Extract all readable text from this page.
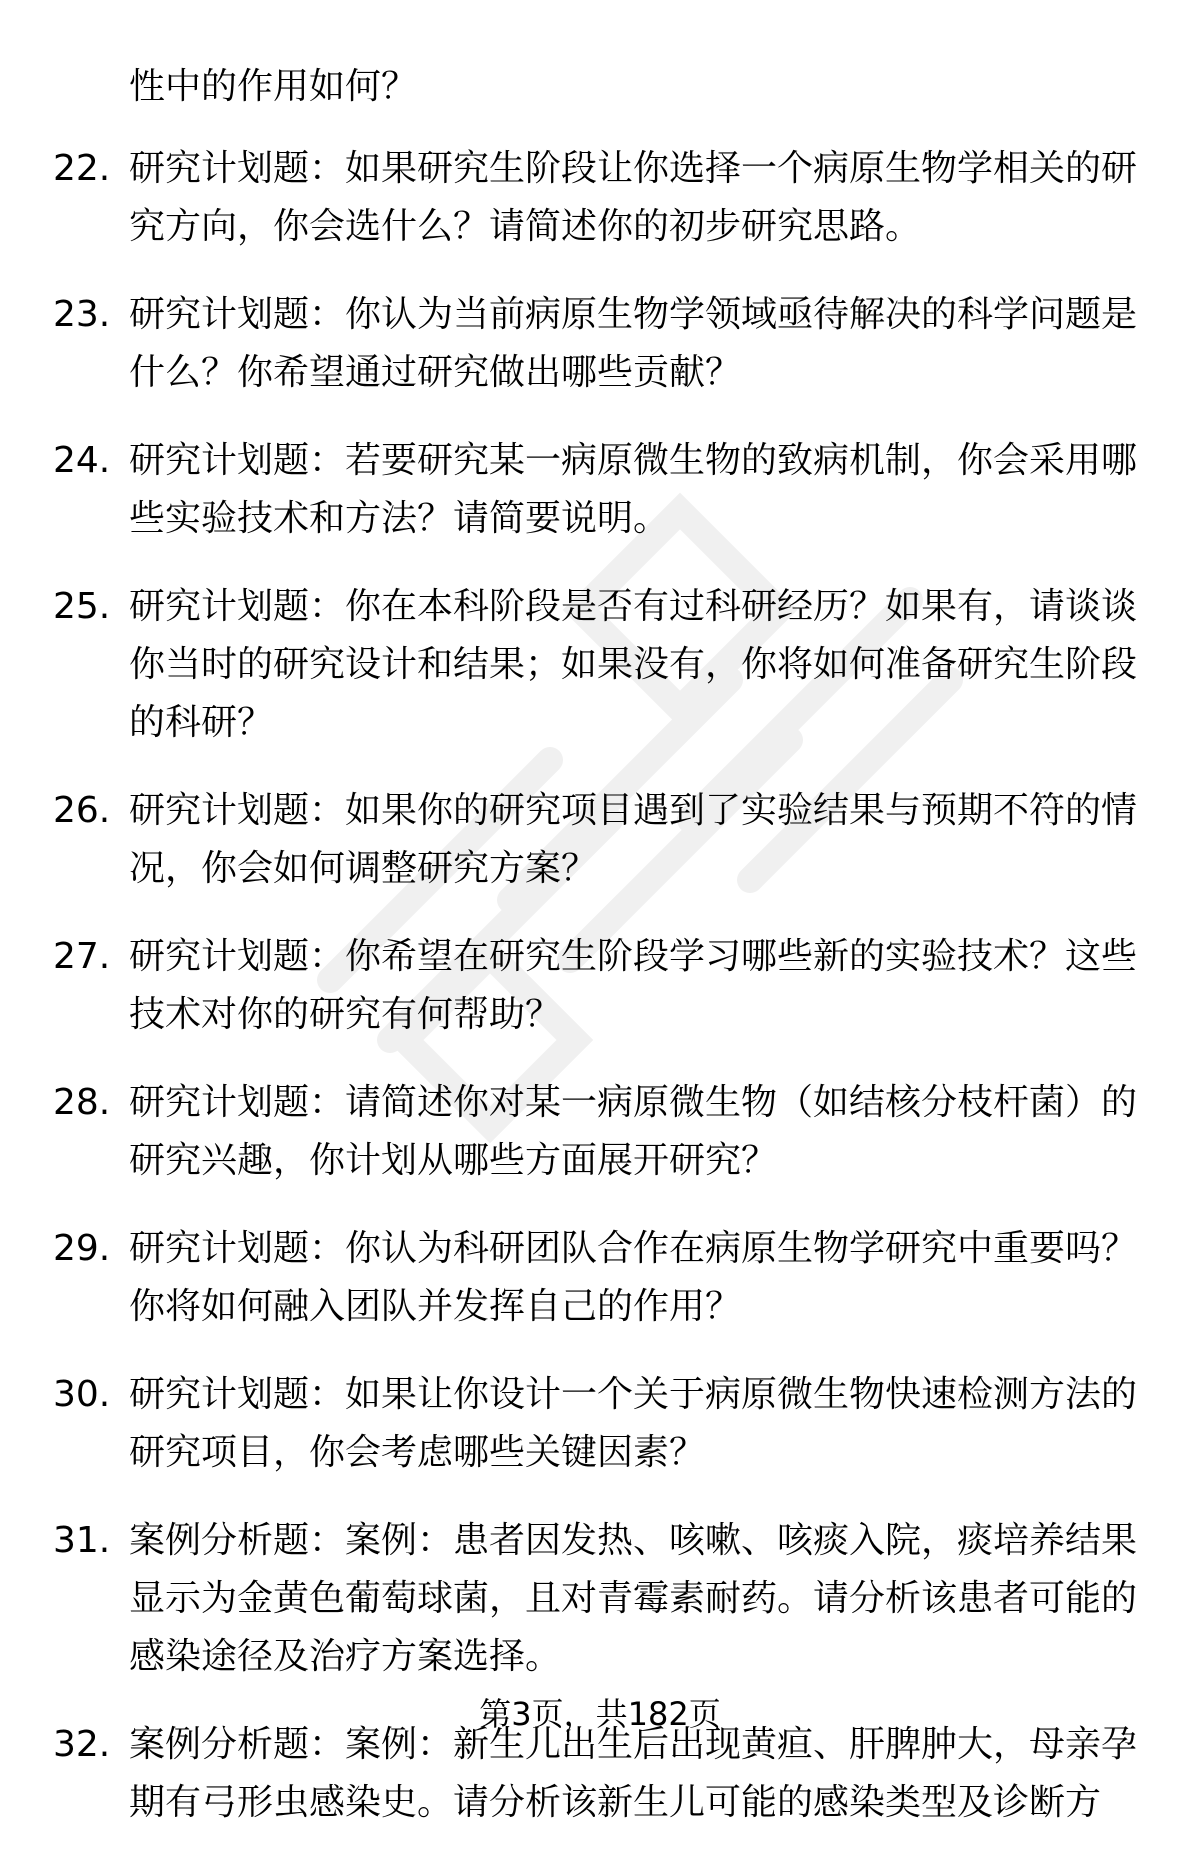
性中的作用如何？

22. 研究计划题：如果研究生阶段让你选择一个病原生物学相关的研
究方向，你会选什么？请简述你的初步研究思路。
23. 研究计划题：你认为当前病原生物学领域亟待解决的科学问题是
什么？你希望通过研究做出哪些贡献？
24. 研究计划题：若要研究某一病原微生物的致病机制，你会采用哪
些实验技术和方法？请简要说明。
25. 研究计划题：你在本科阶段是否有过科研经历？如果有，请谈谈
你当时的研究设计和结果；如果没有，你将如何准备研究生阶段
的科研？
26. 研究计划题：如果你的研究项目遇到了实验结果与预期不符的情
况，你会如何调整研究方案？
27. 研究计划题：你希望在研究生阶段学习哪些新的实验技术？这些
技术对你的研究有何帮助？
28. 研究计划题：请简述你对某一病原微生物（如结核分枝杆菌）的
研究兴趣，你计划从哪些方面展开研究？
29. 研究计划题：你认为科研团队合作在病原生物学研究中重要吗？
你将如何融入团队并发挥自己的作用？
30. 研究计划题：如果让你设计一个关于病原微生物快速检测方法的
研究项目，你会考虑哪些关键因素？
31. 案例分析题：案例：患者因发热、咳嗽、咳痰入院，痰培养结果
显示为金黄色葡萄球菌，且对青霉素耐药。请分析该患者可能的
感染途径及治疗方案选择。
32. 案例分析题：案例：新生儿出生后出现黄疸、肝脾肿大，母亲孕
期有弓形虫感染史。请分析该新生儿可能的感染类型及诊断方
第3页，共182页
